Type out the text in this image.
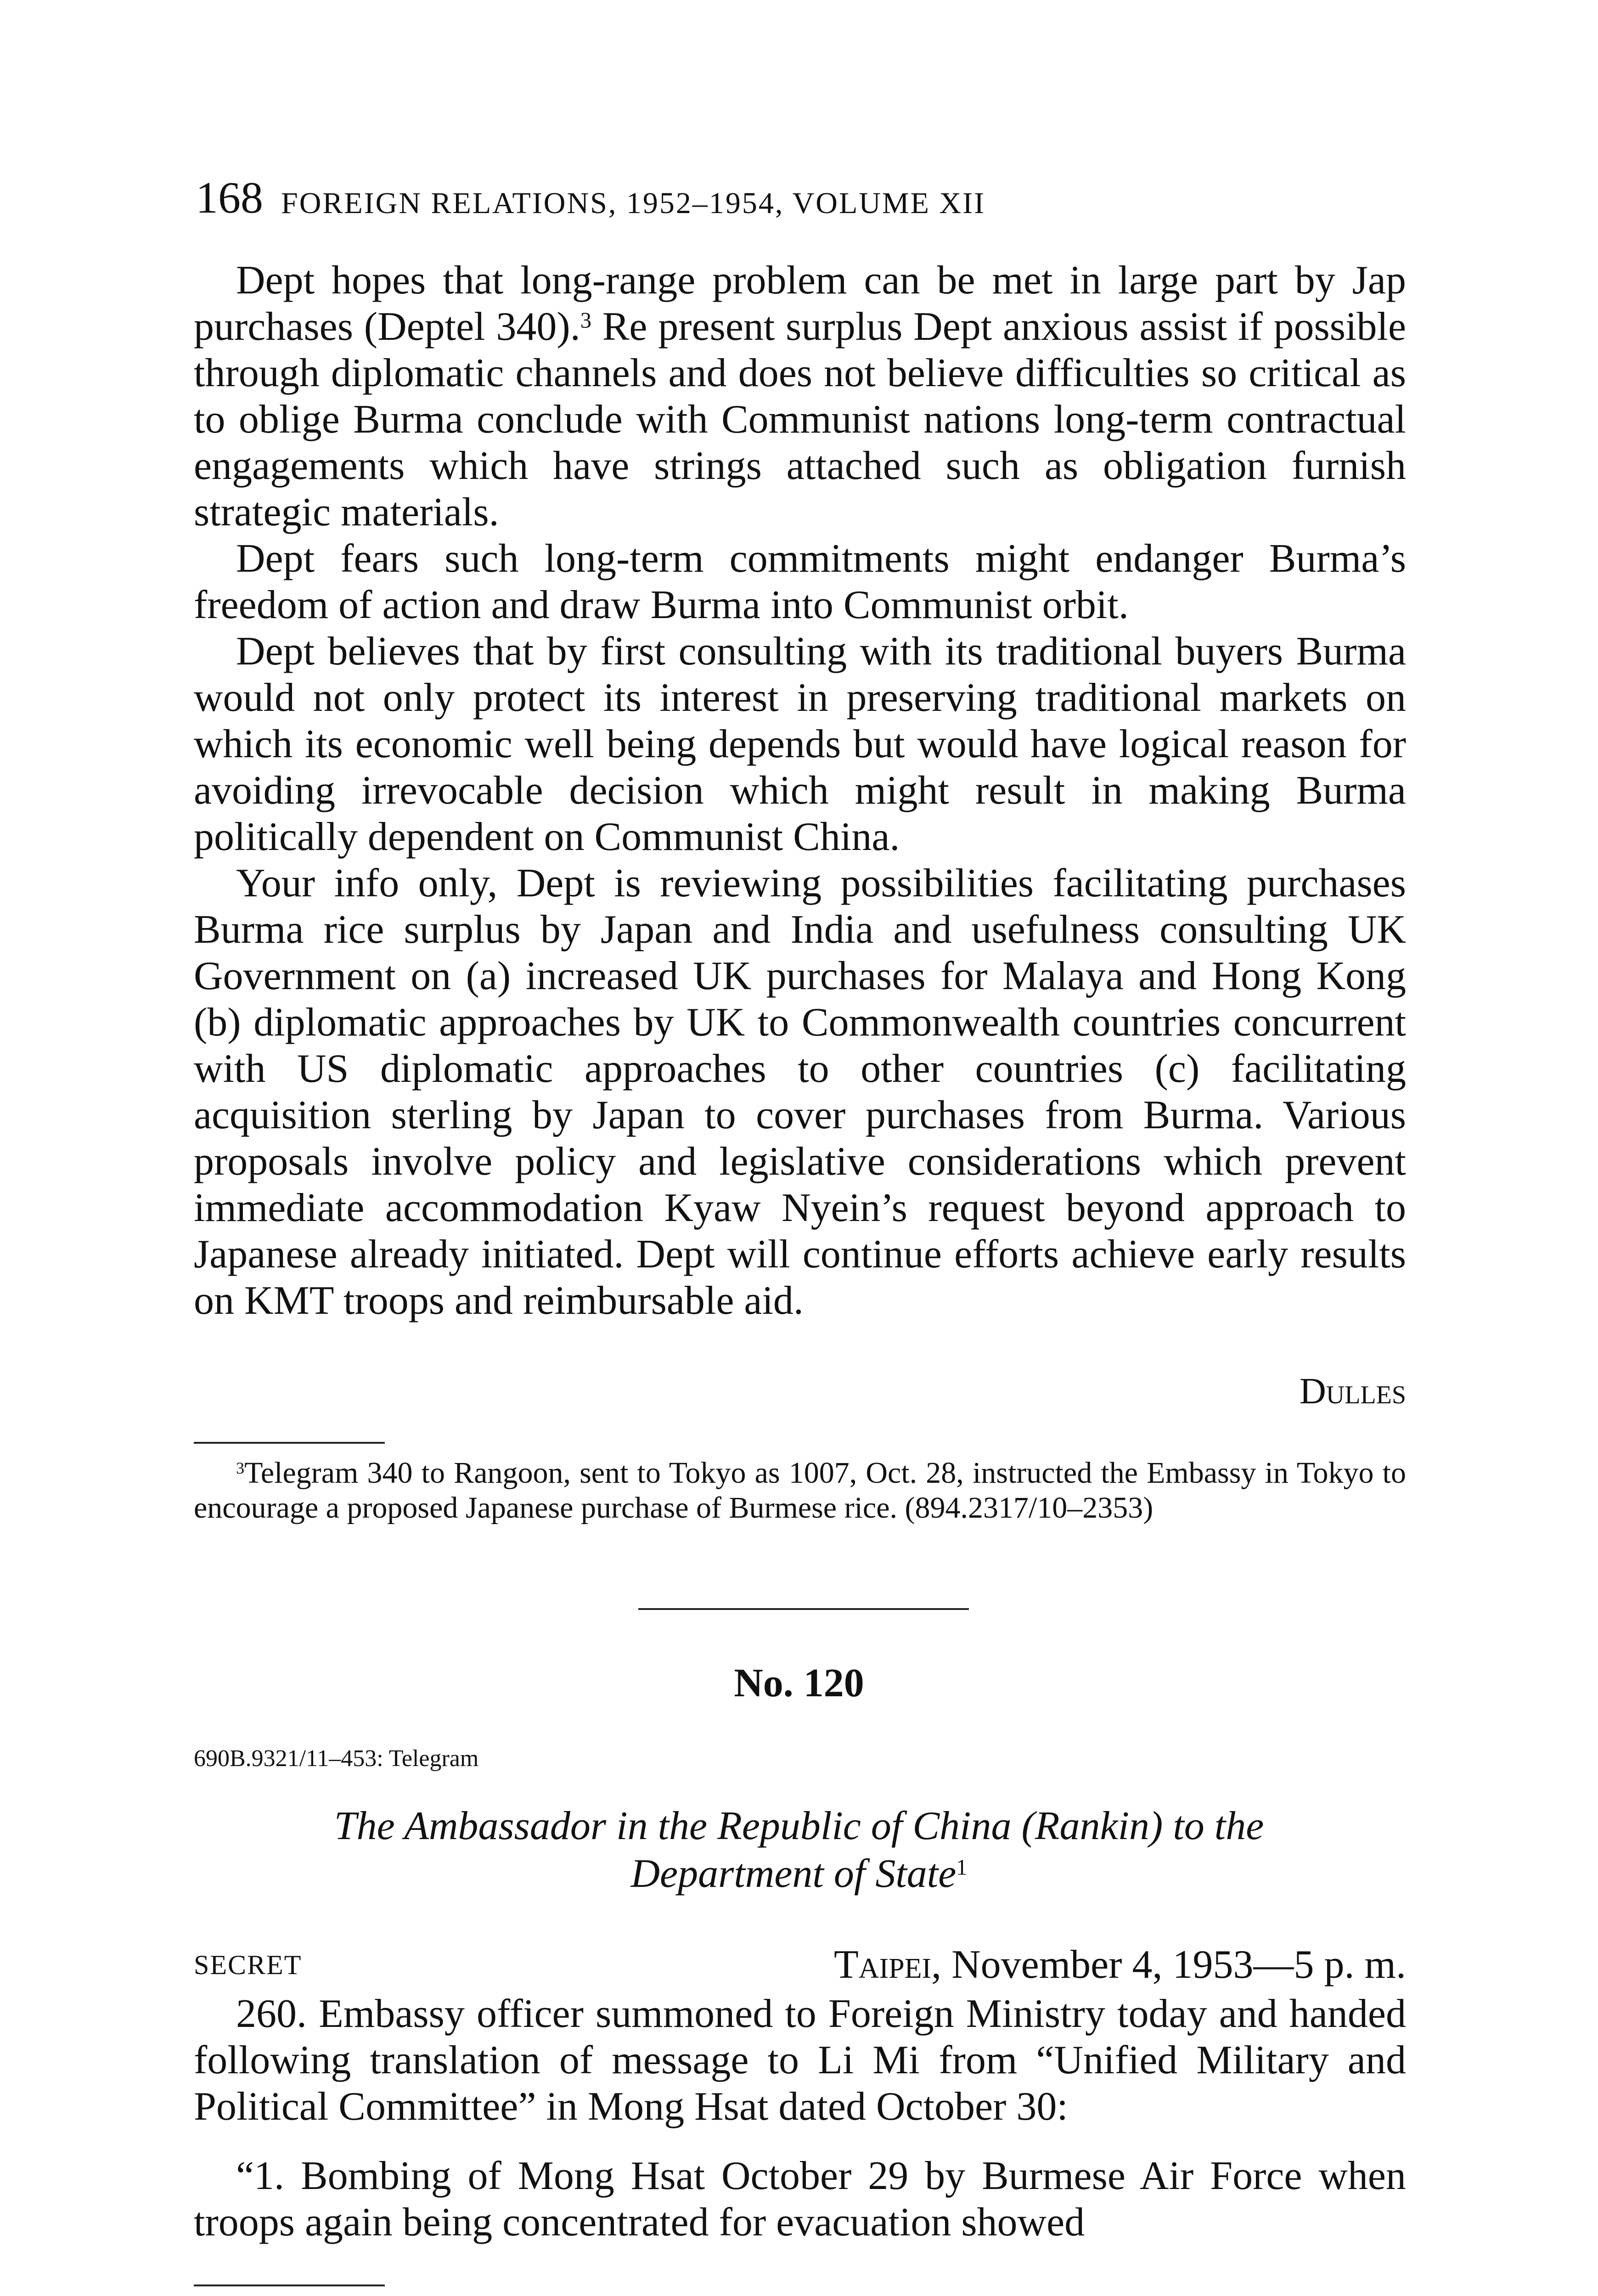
168 FOREIGN RELATIONS, 1952–1954, VOLUME XII

Dept hopes that long-range problem can be met in large part by Jap purchases (Deptel 340).$^3$ Re present surplus Dept anxious assist if possible through diplomatic channels and does not believe difficulties so critical as to oblige Burma conclude with Communist nations long-term contractual engagements which have strings attached such as obligation furnish strategic materials.

Dept fears such long-term commitments might endanger Burma’s freedom of action and draw Burma into Communist orbit.

Dept believes that by first consulting with its traditional buyers Burma would not only protect its interest in preserving traditional markets on which its economic well being depends but would have logical reason for avoiding irrevocable decision which might result in making Burma politically dependent on Communist China.

Your info only, Dept is reviewing possibilities facilitating purchases Burma rice surplus by Japan and India and usefulness consulting UK Government on (a) increased UK purchases for Malaya and Hong Kong (b) diplomatic approaches by UK to Commonwealth countries concurrent with US diplomatic approaches to other countries (c) facilitating acquisition sterling by Japan to cover purchases from Burma. Various proposals involve policy and legislative considerations which prevent immediate accommodation Kyaw Nyein’s request beyond approach to Japanese already initiated. Dept will continue efforts achieve early results on KMT troops and reimbursable aid.

Dulles

$^3$Telegram 340 to Rangoon, sent to Tokyo as 1007, Oct. 28, instructed the Embassy in Tokyo to encourage a proposed Japanese purchase of Burmese rice. (894.2317/10–2353)

No. 120
690B.9321/11–453: Telegram
The Ambassador in the Republic of China (Rankin) to the
Department of State$^1$
SECRET	Taipei, November 4, 1953—5 p. m.

260. Embassy officer summoned to Foreign Ministry today and handed following translation of message to Li Mi from “Unified Military and Political Committee” in Mong Hsat dated October 30:

“1. Bombing of Mong Hsat October 29 by Burmese Air Force when troops again being concentrated for evacuation showed
